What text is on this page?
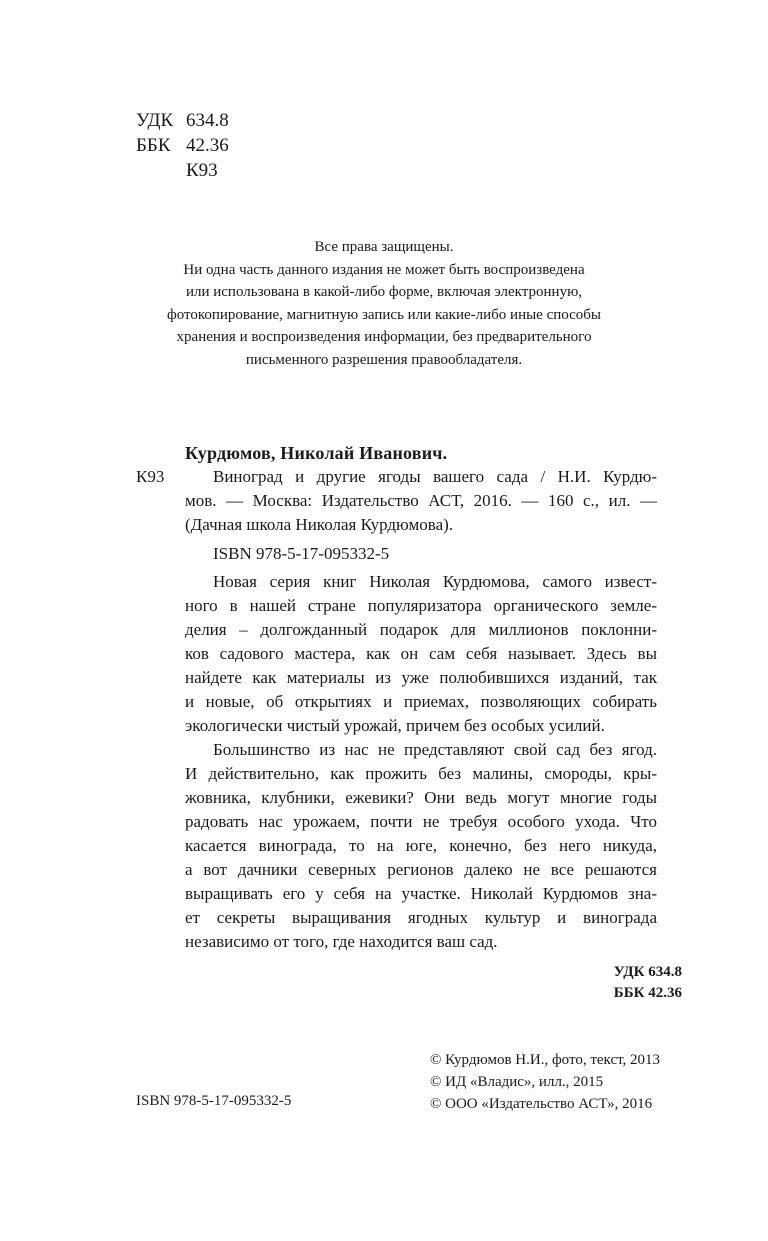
УДК 634.8
ББК 42.36
К93
Все права защищены.
Ни одна часть данного издания не может быть воспроизведена
или использована в какой-либо форме, включая электронную,
фотокопирование, магнитную запись или какие-либо иные способы
хранения и воспроизведения информации, без предварительного
письменного разрешения правообладателя.
Курдюмов, Николай Иванович.
К93	Виноград и другие ягоды вашего сада / Н.И. Курдю-
мов. — Москва: Издательство АСТ, 2016. — 160 с., ил. —
(Дачная школа Николая Курдюмова).
ISBN 978-5-17-095332-5
Новая серия книг Николая Курдюмова, самого извест-
ного в нашей стране популяризатора органического земле-
делия – долгожданный подарок для миллионов поклонни-
ков садового мастера, как он сам себя называет. Здесь вы
найдете как материалы из уже полюбившихся изданий, так
и новые, об открытиях и приемах, позволяющих собирать
экологически чистый урожай, причем без особых усилий.
Большинство из нас не представляют свой сад без ягод.
И действительно, как прожить без малины, смороды, кры-
жовника, клубники, ежевики? Они ведь могут многие годы
радовать нас урожаем, почти не требуя особого ухода. Что
касается винограда, то на юге, конечно, без него никуда,
а вот дачники северных регионов далеко не все решаются
выращивать его у себя на участке. Николай Курдюмов зна-
ет секреты выращивания ягодных культур и винограда
независимо от того, где находится ваш сад.
УДК 634.8
ББК 42.36
© Курдюмов Н.И., фото, текст, 2013
© ИД «Владис», илл., 2015
© ООО «Издательство АСТ», 2016
ISBN 978-5-17-095332-5
